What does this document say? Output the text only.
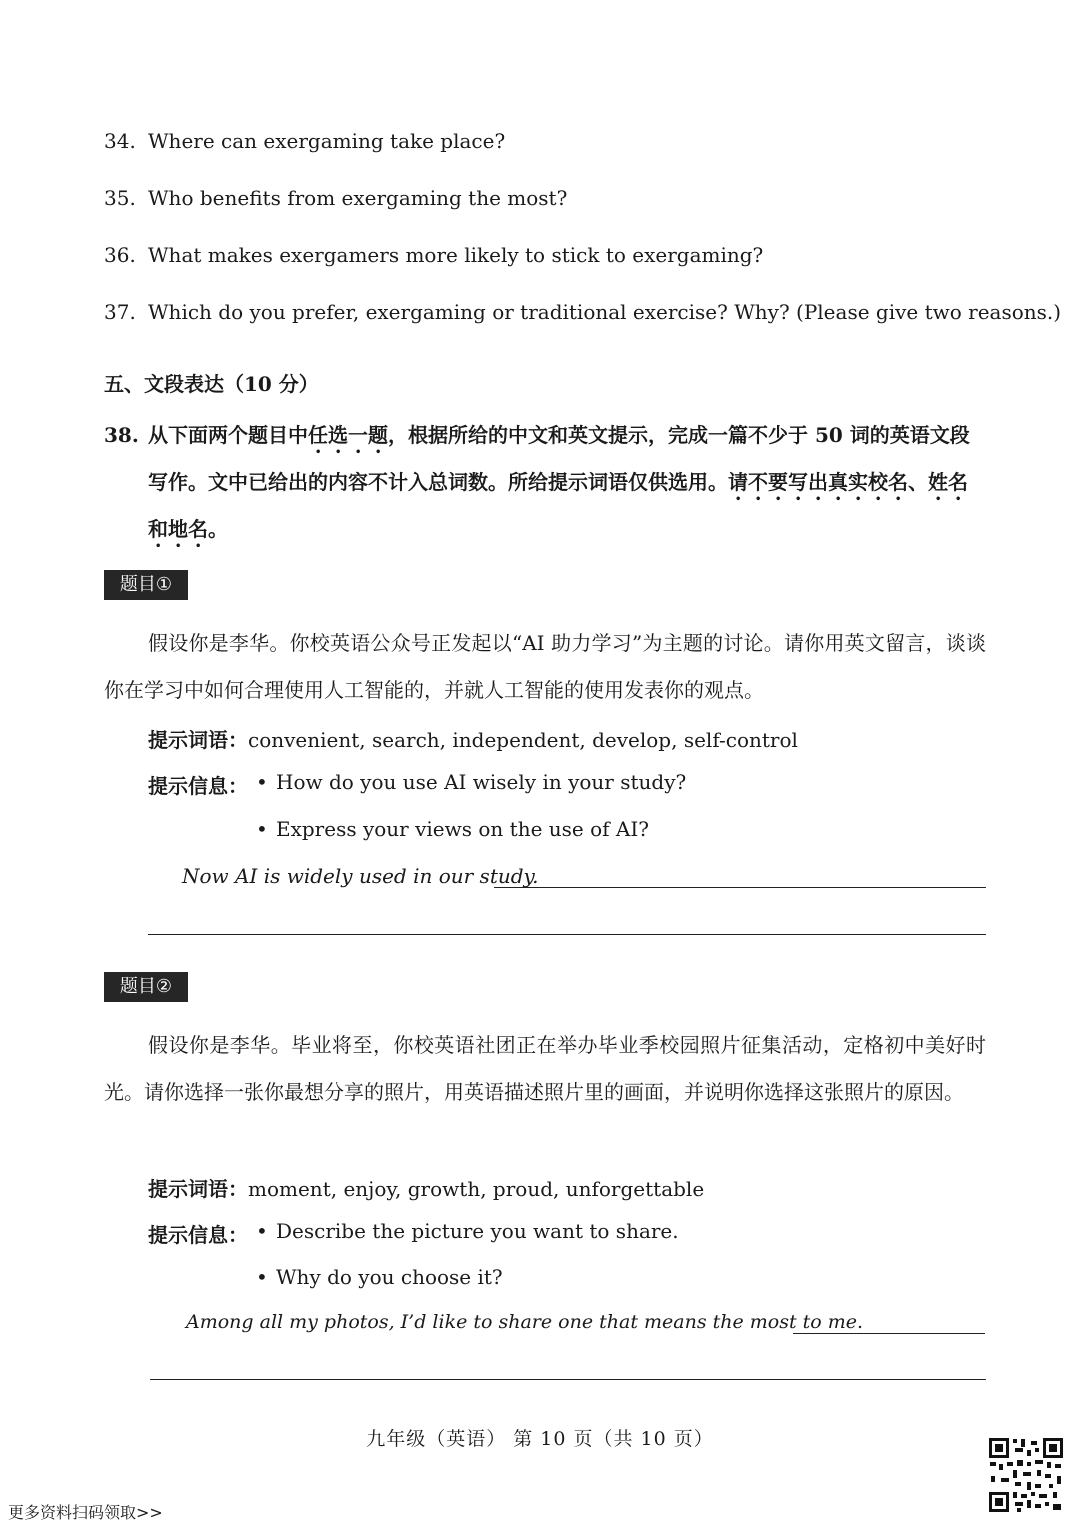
34. Where can exergaming take place?
35. Who benefits from exergaming the most?
36. What makes exergamers more likely to stick to exergaming?
37. Which do you prefer, exergaming or traditional exercise? Why? (Please give two reasons.)
五、文段表达（10 分）
38. 从下面两个题目中任选一题，根据所给的中文和英文提示，完成一篇不少于 50 词的英语文段写作。文中已给出的内容不计入总词数。所给提示词语仅供选用。请不要写出真实校名、姓名和地名。
题目①
假设你是李华。你校英语公众号正发起以“AI 助力学习”为主题的讨论。请你用英文留言，谈谈你在学习中如何合理使用人工智能的，并就人工智能的使用发表你的观点。
提示词语：convenient, search, independent, develop, self-control
提示信息： • How do you use AI wisely in your study?
• Express your views on the use of AI?
Now AI is widely used in our study.
题目②
假设你是李华。毕业将至，你校英语社团正在举办毕业季校园照片征集活动，定格初中美好时光。请你选择一张你最想分享的照片，用英语描述照片里的画面，并说明你选择这张照片的原因。
提示词语：moment, enjoy, growth, proud, unforgettable
提示信息： • Describe the picture you want to share.
• Why do you choose it?
Among all my photos, I’d like to share one that means the most to me.
九年级（英语） 第 10 页（共 10 页）
更多资料扫码领取>>
